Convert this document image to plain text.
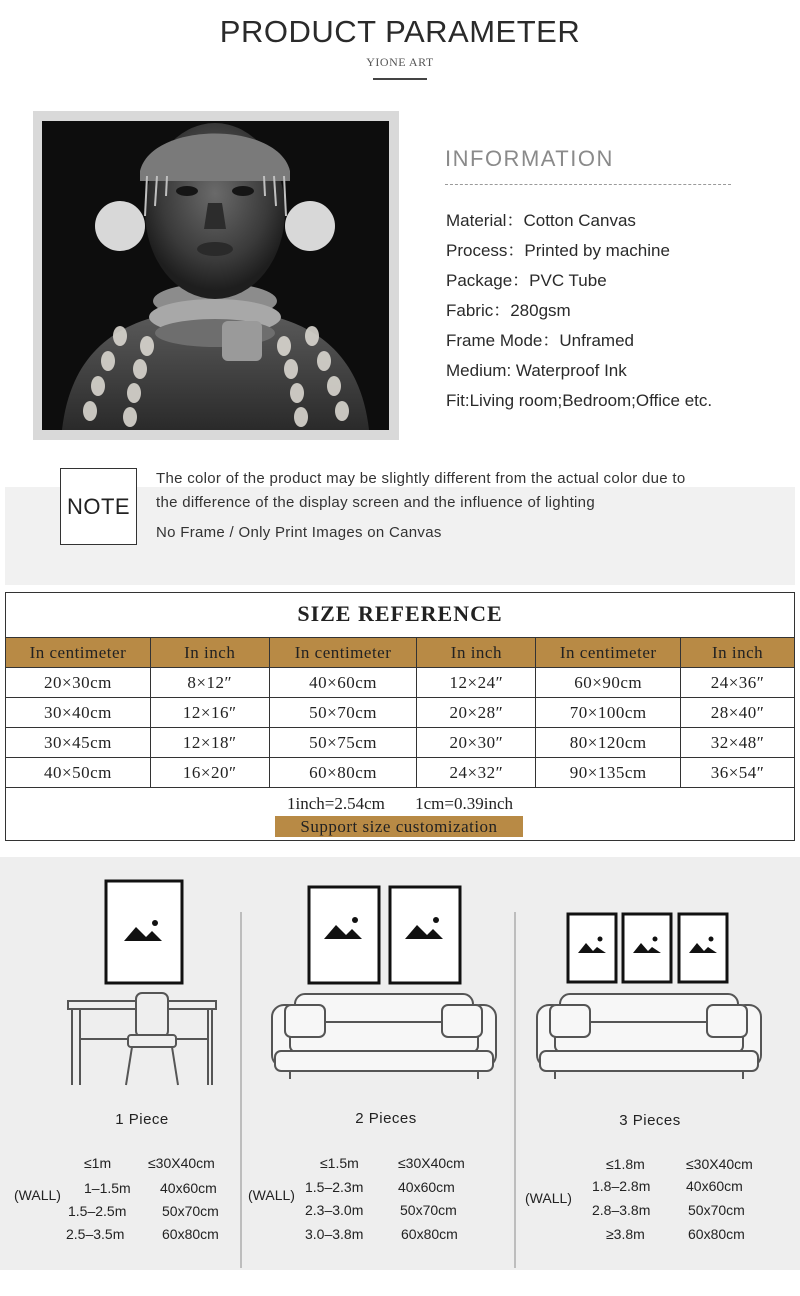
PRODUCT PARAMETER
YIONE ART
INFORMATION
Material：Cotton Canvas
Process：Printed by machine
Package：PVC Tube
Fabric：280gsm
Frame Mode：Unframed
Medium: Waterproof Ink
Fit:Living room;Bedroom;Office etc.
NOTE
The color of the product may be slightly different from the actual color due to
the difference of the display screen and the influence of lighting
No Frame / Only Print Images on Canvas
SIZE REFERENCE
In centimeter	In inch	In centimeter	In inch	In centimeter	In inch
20×30cm	8×12″	40×60cm	12×24″	60×90cm	24×36″
30×40cm	12×16″	50×70cm	20×28″	70×100cm	28×40″
30×45cm	12×18″	50×75cm	20×30″	80×120cm	32×48″
40×50cm	16×20″	60×80cm	24×32″	90×135cm	36×54″
1inch=2.54cm 1cm=0.39inch
Support size customization
1 Piece	2 Pieces	3 Pieces
(WALL)	(WALL)	(WALL)
≤1m	≤30X40cm
1–1.5m 40x60cm
1.5–2.5m	50x70cm
2.5–3.5m	60x80cm
≤1.5m	≤30X40cm
1.5–2.3m 40x60cm
2.3–3.0m	50x70cm
3.0–3.8m	60x80cm
≤1.8m	≤30X40cm
1.8–2.8m	40x60cm
2.8–3.8m	50x70cm
≥3.8m	60x80cm
